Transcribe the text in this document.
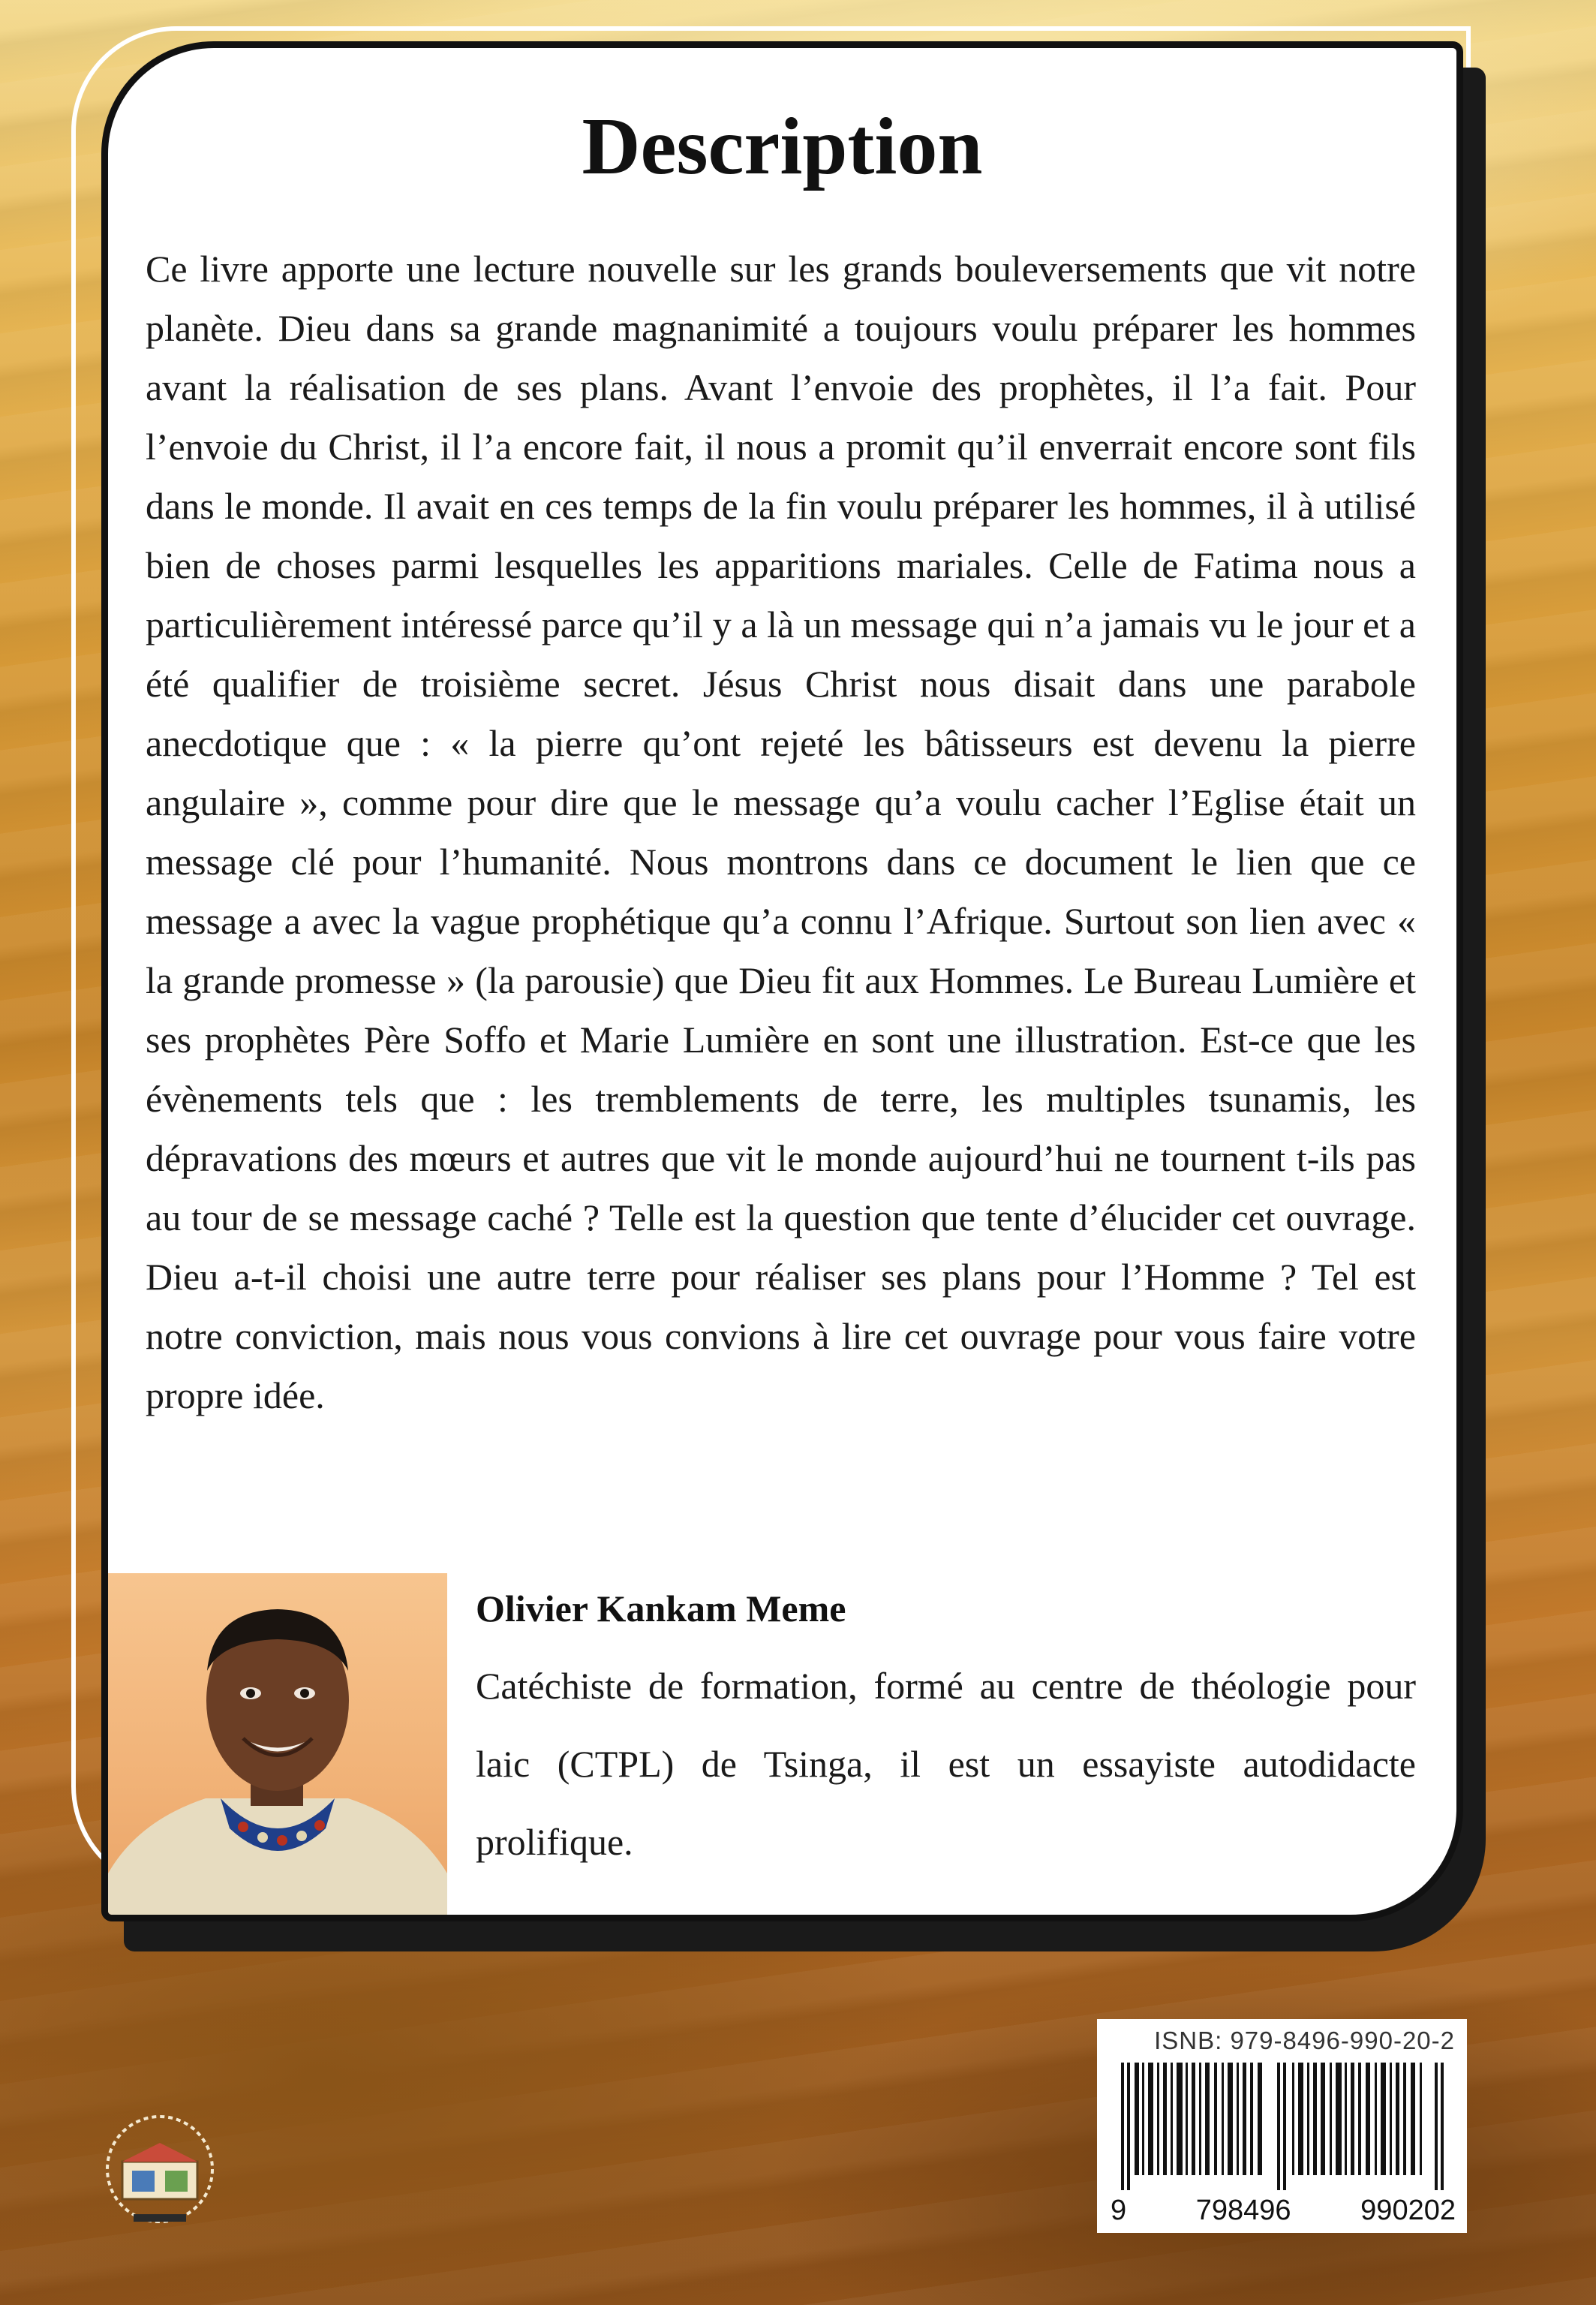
Description

Ce livre apporte une lecture nouvelle sur les grands bouleversements que vit notre planète. Dieu dans sa grande magnanimité a toujours voulu préparer les hommes avant la réalisation de ses plans. Avant l’envoie des prophètes, il l’a fait. Pour l’envoie du Christ, il l’a encore fait, il nous a promit qu’il enverrait encore sont fils dans le monde. Il avait en ces temps de la fin voulu préparer les hommes, il à utilisé bien de choses parmi lesquelles les apparitions mariales. Celle de Fatima nous a particulièrement intéressé parce qu’il y a là un message qui n’a jamais vu le jour et a été qualifier de troisième secret. Jésus Christ nous disait dans une parabole anecdotique que : « la pierre qu’ont rejeté les bâtisseurs est devenu la pierre angulaire », comme pour dire que le message qu’a voulu cacher l’Eglise était un message clé pour l’humanité. Nous montrons dans ce document le lien que ce message a avec la vague prophétique qu’a connu l’Afrique. Surtout son lien avec « la grande promesse » (la parousie) que Dieu fit aux Hommes. Le Bureau Lumière et ses prophètes Père Soffo et Marie Lumière en sont une illustration. Est-ce que les évènements tels que : les tremblements de terre, les multiples tsunamis, les dépravations des mœurs et autres que vit le monde aujourd’hui ne tournent t-ils pas au tour de se message caché ? Telle est la question que tente d’élucider cet ouvrage. Dieu a-t-il choisi une autre terre pour réaliser ses plans pour l’Homme ? Tel est notre conviction, mais nous vous convions à lire cet ouvrage pour vous faire votre propre idée.

Olivier Kankam Meme

Catéchiste de formation, formé au centre de théologie pour laic (CTPL) de Tsinga, il est un essayiste autodidacte prolifique.

ISNB: 979-8496-990-20-2
9 798496 990202
